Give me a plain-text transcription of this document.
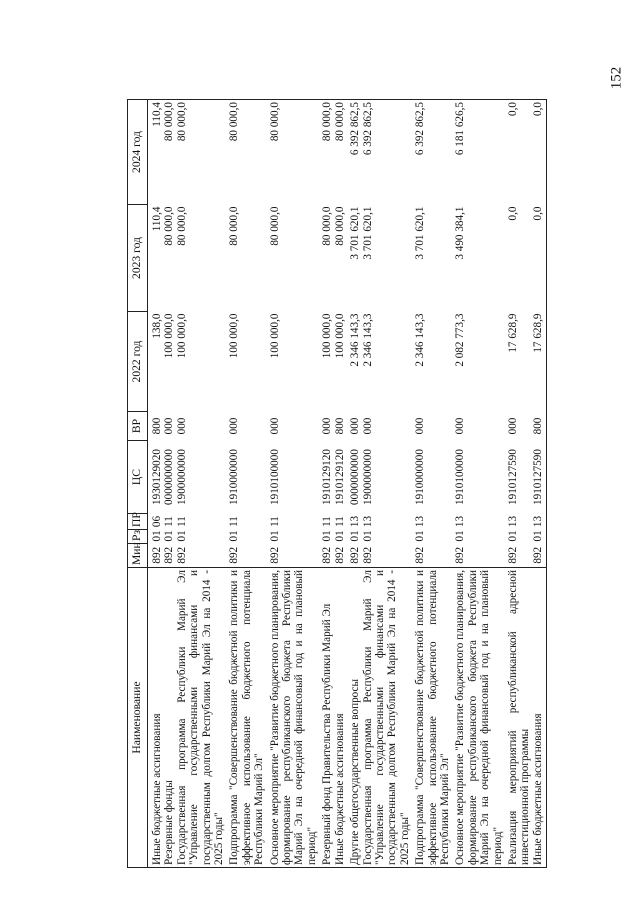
152
Наименование	Мин	Рз	ПР	ЦС	ВР	2022 год	2023 год	2024 год
Иные бюджетные ассигнования	892	01	06	1930129020	800	138,0	110,4	110,4
Резервные фонды	892	01	11	0000000000	000	100 000,0	80 000,0	80 000,0
Государственная программа Республики Марий Эл "Управление государственными финансами и государственным долгом Республики Марий Эл на 2014 - 2025 годы"	892	01	11	1900000000	000	100 000,0	80 000,0	80 000,0
Подпрограмма "Совершенствование бюджетной политики и эффективное использование бюджетного потенциала Республики Марий Эл"	892	01	11	1910000000	000	100 000,0	80 000,0	80 000,0
Основное мероприятие "Развитие бюджетного планирования, формирование республиканского бюджета Республики Марий Эл на очередной финансовый год и на плановый период"	892	01	11	1910100000	000	100 000,0	80 000,0	80 000,0
Резервный фонд Правительства Республики Марий Эл	892	01	11	1910129120	000	100 000,0	80 000,0	80 000,0
Иные бюджетные ассигнования	892	01	11	1910129120	800	100 000,0	80 000,0	80 000,0
Другие общегосударственные вопросы	892	01	13	0000000000	000	2 346 143,3	3 701 620,1	6 392 862,5
Государственная программа Республики Марий Эл "Управление государственными финансами и государственным долгом Республики Марий Эл на 2014 - 2025 годы"	892	01	13	1900000000	000	2 346 143,3	3 701 620,1	6 392 862,5
Подпрограмма "Совершенствование бюджетной политики и эффективное использование бюджетного потенциала Республики Марий Эл"	892	01	13	1910000000	000	2 346 143,3	3 701 620,1	6 392 862,5
Основное мероприятие "Развитие бюджетного планирования, формирование республиканского бюджета Республики Марий Эл на очередной финансовый год и на плановый период"	892	01	13	1910100000	000	2 082 773,3	3 490 384,1	6 181 626,5
Реализация мероприятий республиканской адресной инвестиционной программы	892	01	13	1910127590	000	17 628,9	0,0	0,0
Иные бюджетные ассигнования	892	01	13	1910127590	800	17 628,9	0,0	0,0
